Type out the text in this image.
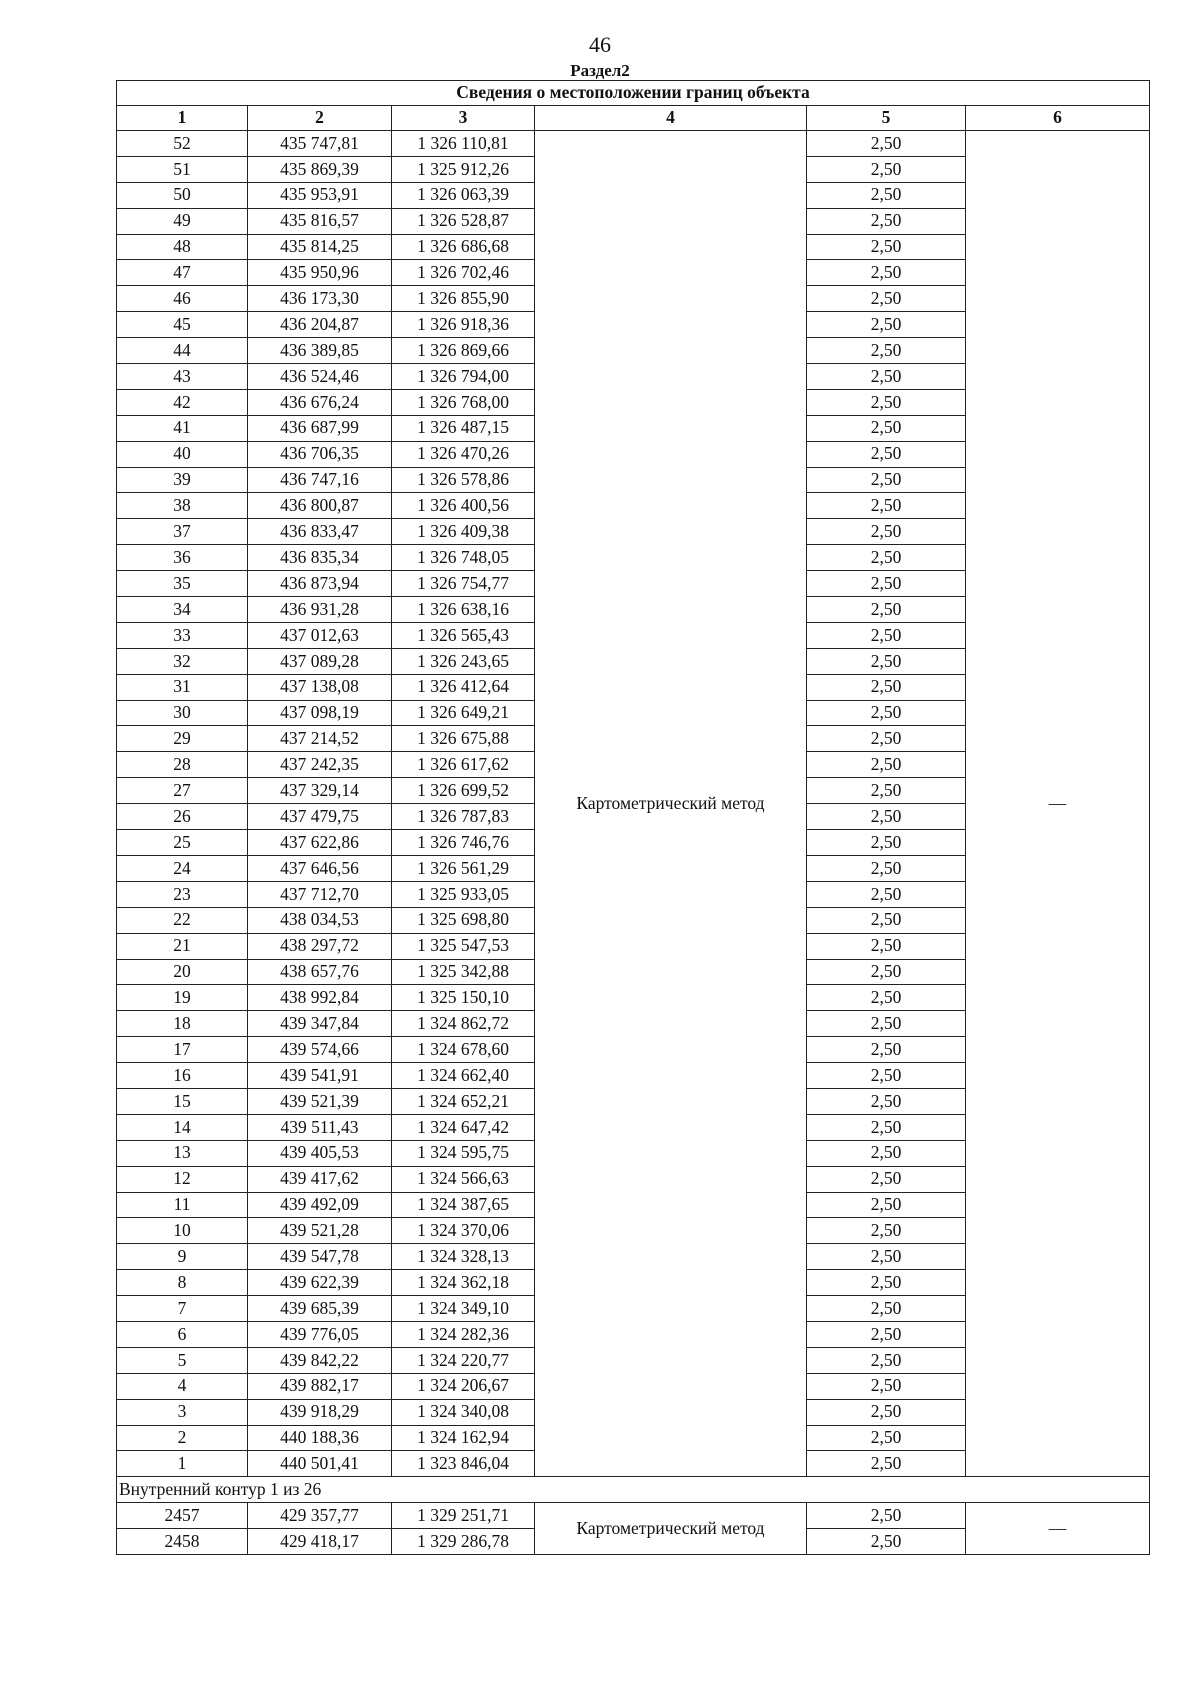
46
Раздел2
Сведения о местоположении границ объекта					
1	2	3	4	5	6
52	435 747,81	1 326 110,81	Картометрический метод	2,50	—
51	435 869,39	1 325 912,26		2,50	
50	435 953,91	1 326 063,39		2,50	
49	435 816,57	1 326 528,87		2,50	
48	435 814,25	1 326 686,68		2,50	
47	435 950,96	1 326 702,46		2,50	
46	436 173,30	1 326 855,90		2,50	
45	436 204,87	1 326 918,36		2,50	
44	436 389,85	1 326 869,66		2,50	
43	436 524,46	1 326 794,00		2,50	
42	436 676,24	1 326 768,00		2,50	
41	436 687,99	1 326 487,15		2,50	
40	436 706,35	1 326 470,26		2,50	
39	436 747,16	1 326 578,86		2,50	
38	436 800,87	1 326 400,56		2,50	
37	436 833,47	1 326 409,38		2,50	
36	436 835,34	1 326 748,05		2,50	
35	436 873,94	1 326 754,77		2,50	
34	436 931,28	1 326 638,16		2,50	
33	437 012,63	1 326 565,43		2,50	
32	437 089,28	1 326 243,65		2,50	
31	437 138,08	1 326 412,64		2,50	
30	437 098,19	1 326 649,21		2,50	
29	437 214,52	1 326 675,88		2,50	
28	437 242,35	1 326 617,62		2,50	
27	437 329,14	1 326 699,52		2,50	
26	437 479,75	1 326 787,83		2,50	
25	437 622,86	1 326 746,76		2,50	
24	437 646,56	1 326 561,29		2,50	
23	437 712,70	1 325 933,05		2,50	
22	438 034,53	1 325 698,80		2,50	
21	438 297,72	1 325 547,53		2,50	
20	438 657,76	1 325 342,88		2,50	
19	438 992,84	1 325 150,10		2,50	
18	439 347,84	1 324 862,72		2,50	
17	439 574,66	1 324 678,60		2,50	
16	439 541,91	1 324 662,40		2,50	
15	439 521,39	1 324 652,21		2,50	
14	439 511,43	1 324 647,42		2,50	
13	439 405,53	1 324 595,75		2,50	
12	439 417,62	1 324 566,63		2,50	
11	439 492,09	1 324 387,65		2,50	
10	439 521,28	1 324 370,06		2,50	
9	439 547,78	1 324 328,13		2,50	
8	439 622,39	1 324 362,18		2,50	
7	439 685,39	1 324 349,10		2,50	
6	439 776,05	1 324 282,36		2,50	
5	439 842,22	1 324 220,77		2,50	
4	439 882,17	1 324 206,67		2,50	
3	439 918,29	1 324 340,08		2,50	
2	440 188,36	1 324 162,94		2,50	
1	440 501,41	1 323 846,04		2,50	
Внутренний контур 1 из 26					
2457	429 357,77	1 329 251,71	Картометрический метод	2,50	—
2458	429 418,17	1 329 286,78		2,50	
